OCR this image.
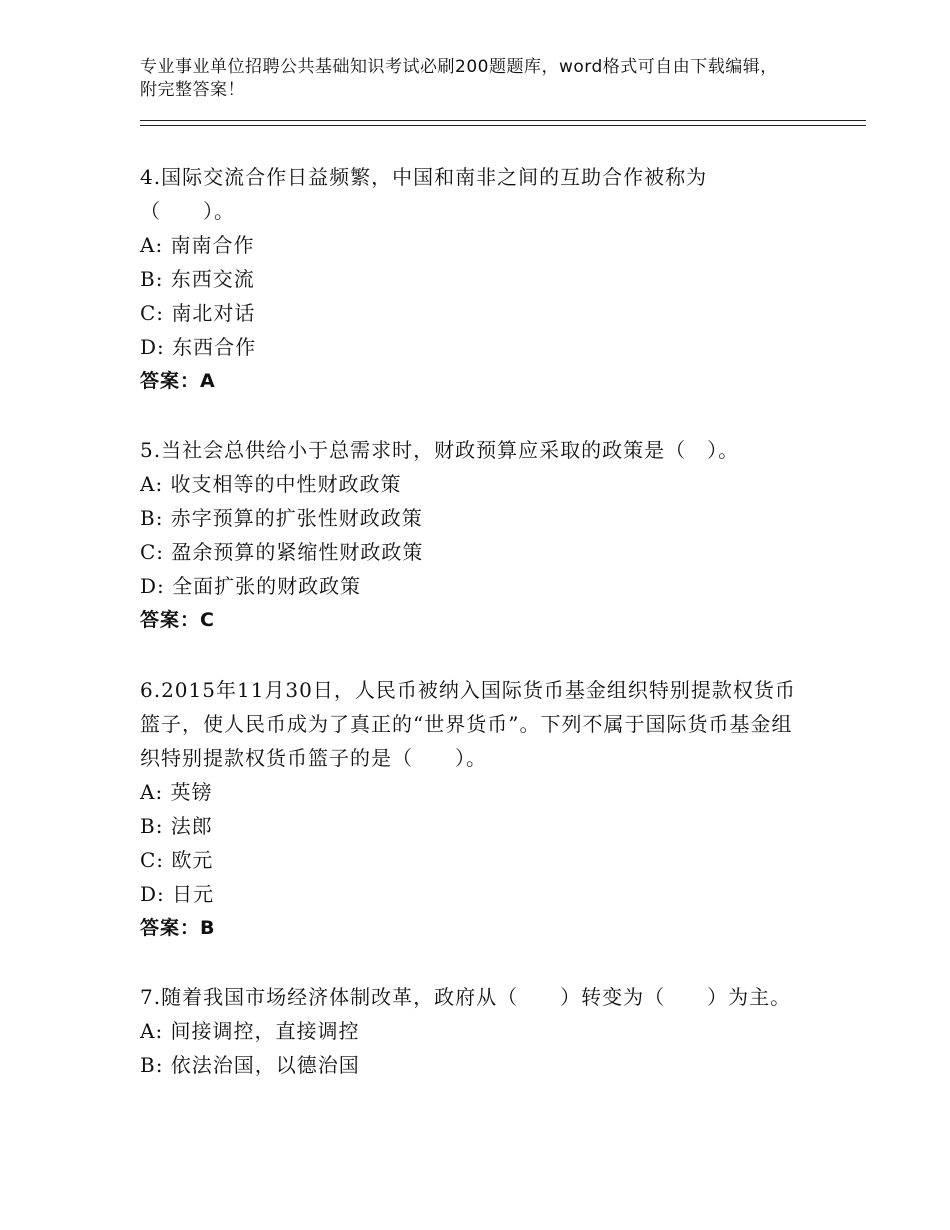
专业事业单位招聘公共基础知识考试必刷200题题库，word格式可自由下载编辑，附完整答案！
4.国际交流合作日益频繁，中国和南非之间的互助合作被称为（　　）。
A: 南南合作
B: 东西交流
C: 南北对话
D: 东西合作
答案：A
5.当社会总供给小于总需求时，财政预算应采取的政策是（　）。
A: 收支相等的中性财政政策
B: 赤字预算的扩张性财政政策
C: 盈余预算的紧缩性财政政策
D: 全面扩张的财政政策
答案：C
6.2015年11月30日，人民币被纳入国际货币基金组织特别提款权货币篮子，使人民币成为了真正的“世界货币”。下列不属于国际货币基金组织特别提款权货币篮子的是（　　）。
A: 英镑
B: 法郎
C: 欧元
D: 日元
答案：B
7.随着我国市场经济体制改革，政府从（　　）转变为（　　）为主。
A: 间接调控，直接调控
B: 依法治国，以德治国
